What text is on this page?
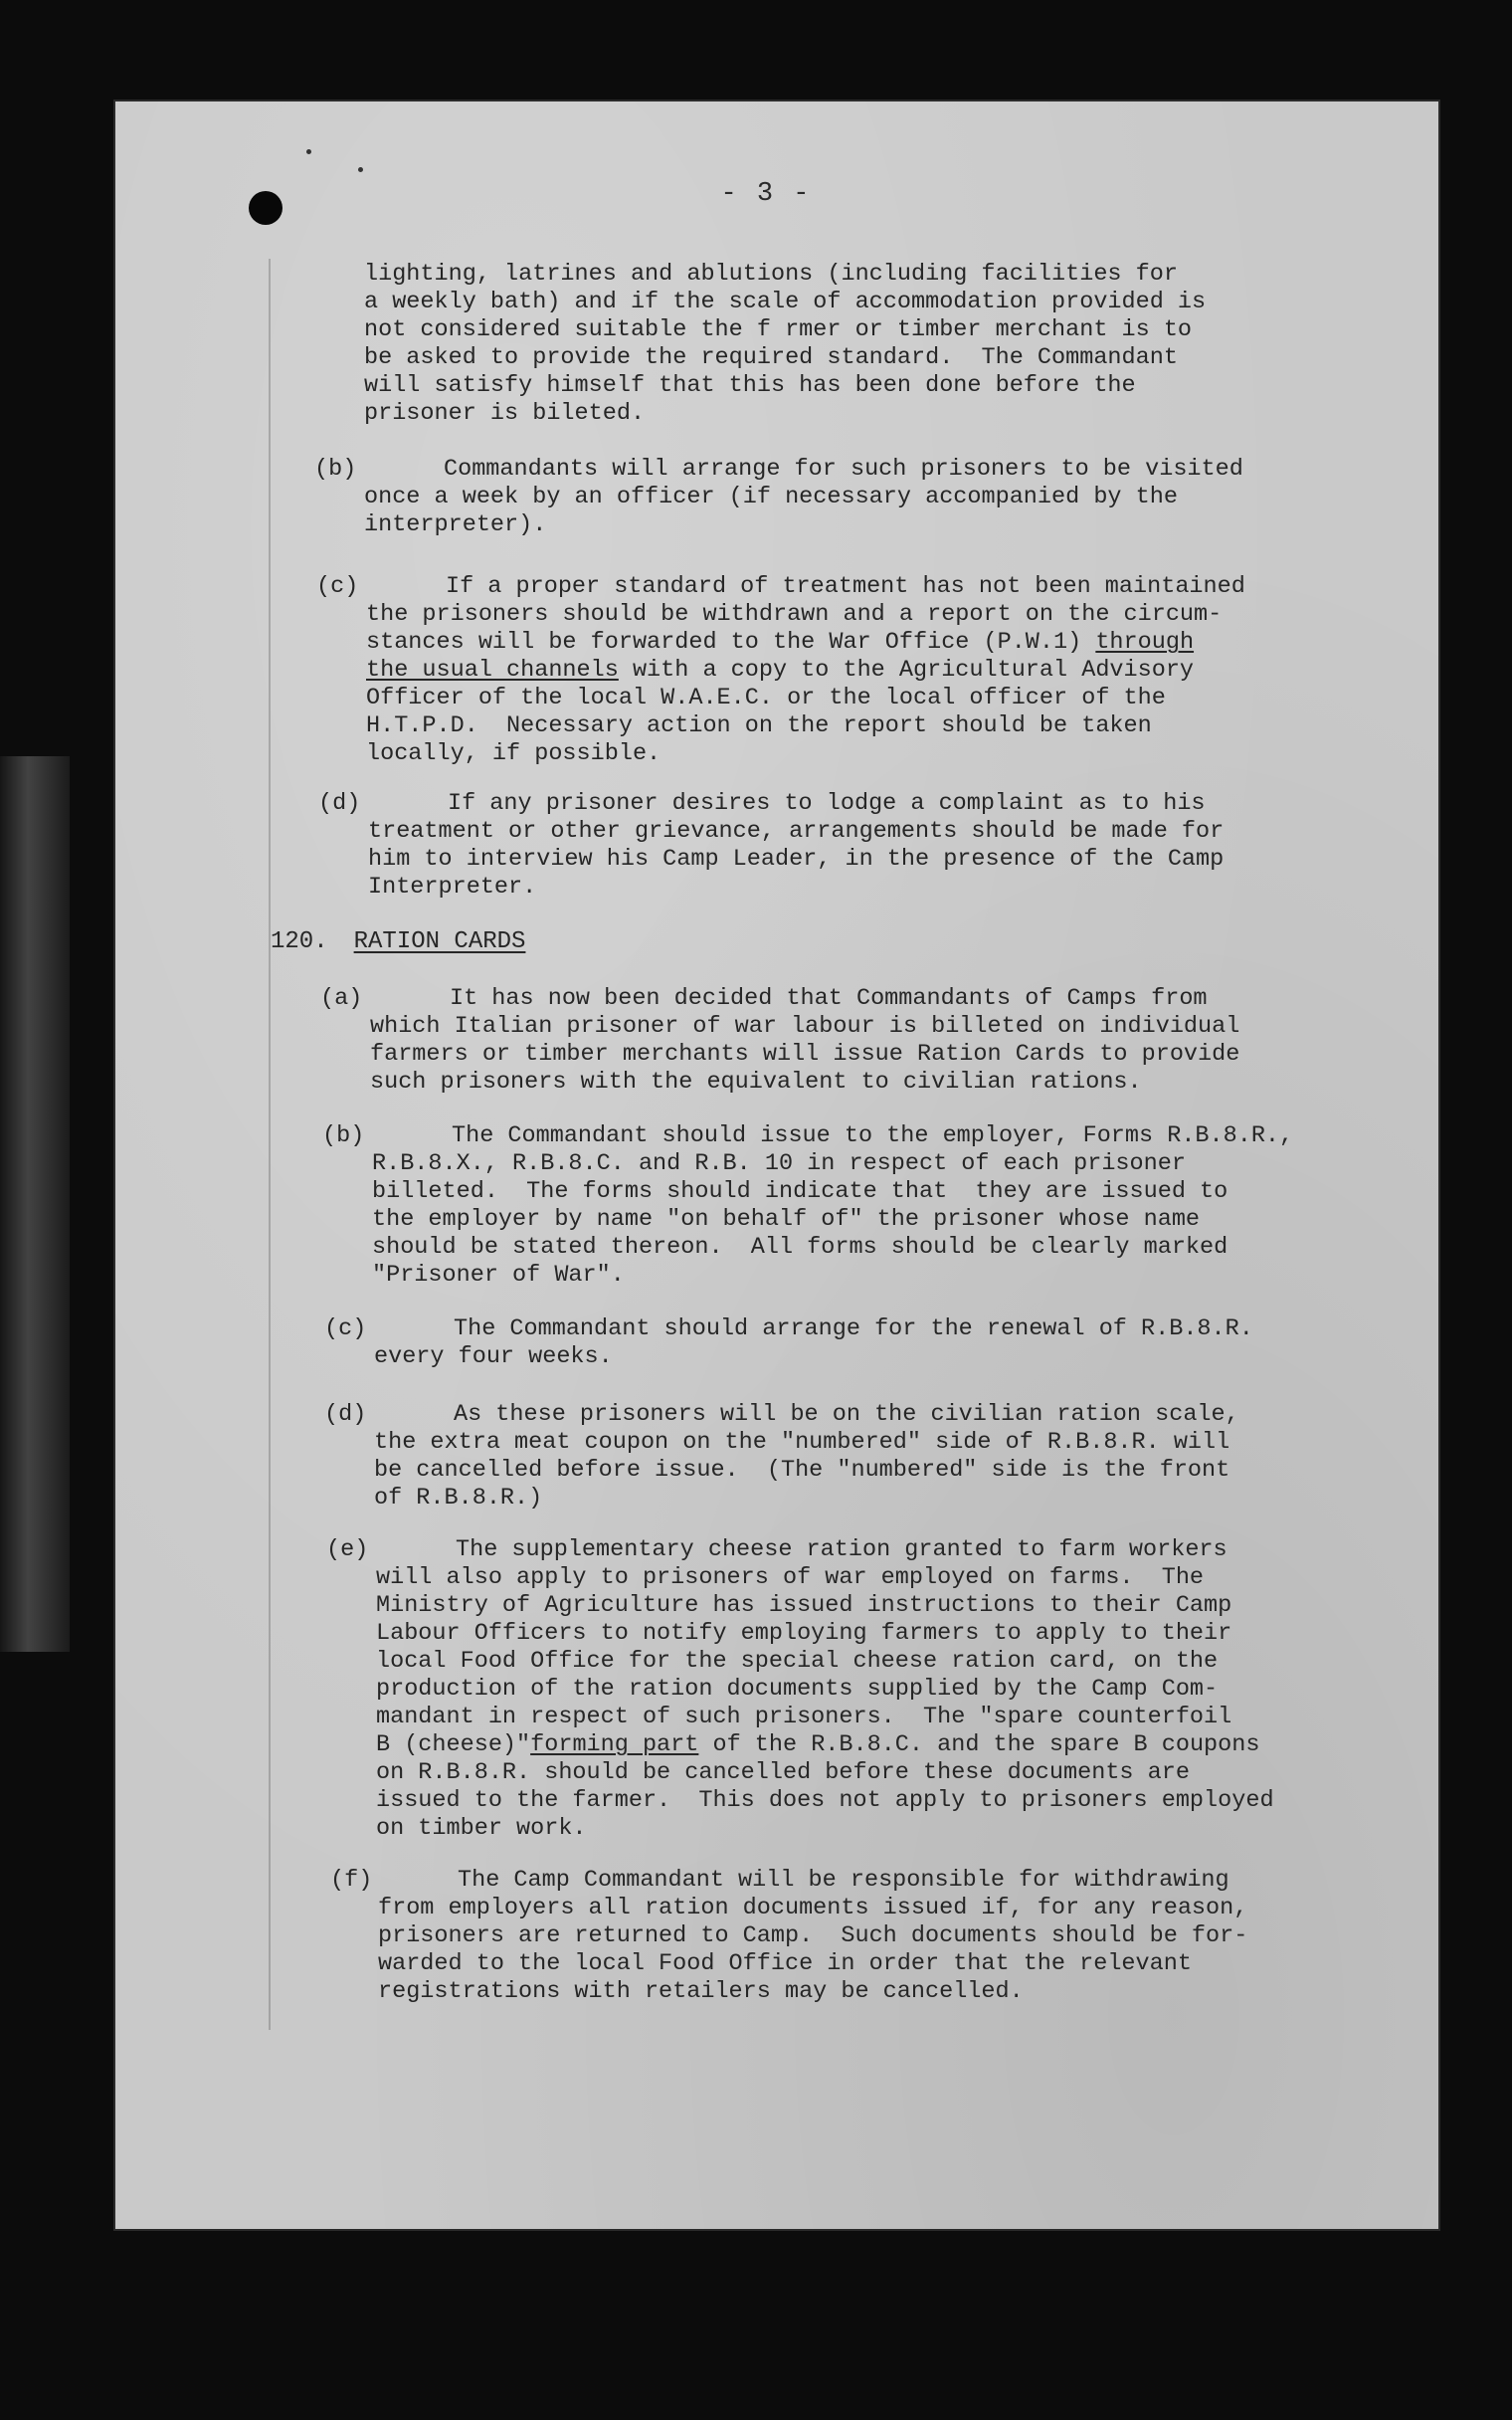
- 3 -
lighting, latrines and ablutions (including facilities for
a weekly bath) and if the scale of accommodation provided is
not considered suitable the f rmer or timber merchant is to
be asked to provide the required standard.  The Commandant
will satisfy himself that this has been done before the
prisoner is bileted.
(b)	Commandants will arrange for such prisoners to be visited
once a week by an officer (if necessary accompanied by the
interpreter).
(c)	If a proper standard of treatment has not been maintained
the prisoners should be withdrawn and a report on the circum-
stances will be forwarded to the War Office (P.W.1) through
the usual channels with a copy to the Agricultural Advisory
Officer of the local W.A.E.C. or the local officer of the
H.T.P.D.  Necessary action on the report should be taken
locally, if possible.
(d)	If any prisoner desires to lodge a complaint as to his
treatment or other grievance, arrangements should be made for
him to interview his Camp Leader, in the presence of the Camp
Interpreter.
120. RATION CARDS
(a)	It has now been decided that Commandants of Camps from
which Italian prisoner of war labour is billeted on individual
farmers or timber merchants will issue Ration Cards to provide
such prisoners with the equivalent to civilian rations.
(b)	The Commandant should issue to the employer, Forms R.B.8.R.,
R.B.8.X., R.B.8.C. and R.B. 10 in respect of each prisoner
billeted.  The forms should indicate that  they are issued to
the employer by name "on behalf of" the prisoner whose name
should be stated thereon.  All forms should be clearly marked
"Prisoner of War".
(c)	The Commandant should arrange for the renewal of R.B.8.R.
every four weeks.
(d)	As these prisoners will be on the civilian ration scale,
the extra meat coupon on the "numbered" side of R.B.8.R. will
be cancelled before issue.  (The "numbered" side is the front
of R.B.8.R.)
(e)	The supplementary cheese ration granted to farm workers
will also apply to prisoners of war employed on farms.  The
Ministry of Agriculture has issued instructions to their Camp
Labour Officers to notify employing farmers to apply to their
local Food Office for the special cheese ration card, on the
production of the ration documents supplied by the Camp Com-
mandant in respect of such prisoners.  The "spare counterfoil
B (cheese)"forming part of the R.B.8.C. and the spare B coupons
on R.B.8.R. should be cancelled before these documents are
issued to the farmer.  This does not apply to prisoners employed
on timber work.
(f)	The Camp Commandant will be responsible for withdrawing
from employers all ration documents issued if, for any reason,
prisoners are returned to Camp.  Such documents should be for-
warded to the local Food Office in order that the relevant
registrations with retailers may be cancelled.
